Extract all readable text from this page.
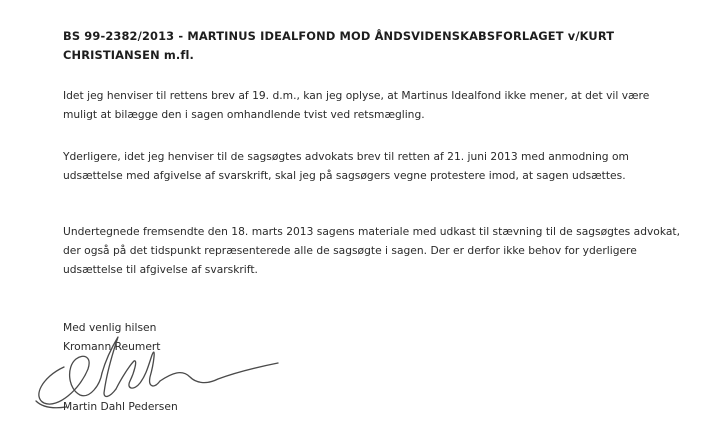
BS 99-2382/2013 - MARTINUS IDEALFOND MOD ÅNDSVIDENSKABSFORLAGET v/KURT CHRISTIANSEN m.fl.

Idet jeg henviser til rettens brev af 19. d.m., kan jeg oplyse, at Martinus Idealfond ikke mener, at det vil være muligt at bilægge den i sagen omhandlende tvist ved retsmægling.

Yderligere, idet jeg henviser til de sagsøgtes advokats brev til retten af 21. juni 2013 med anmodning om udsættelse med afgivelse af svarskrift, skal jeg på sagsøgers vegne protestere imod, at sagen udsættes.

Undertegnede fremsendte den 18. marts 2013 sagens materiale med udkast til stævning til de sagsøgtes advokat, der også på det tidspunkt repræsenterede alle de sagsøgte i sagen. Der er derfor ikke behov for yderligere udsættelse til afgivelse af svarskrift.

Med venlig hilsen
Kromann Reumert
Martin Dahl Pedersen
